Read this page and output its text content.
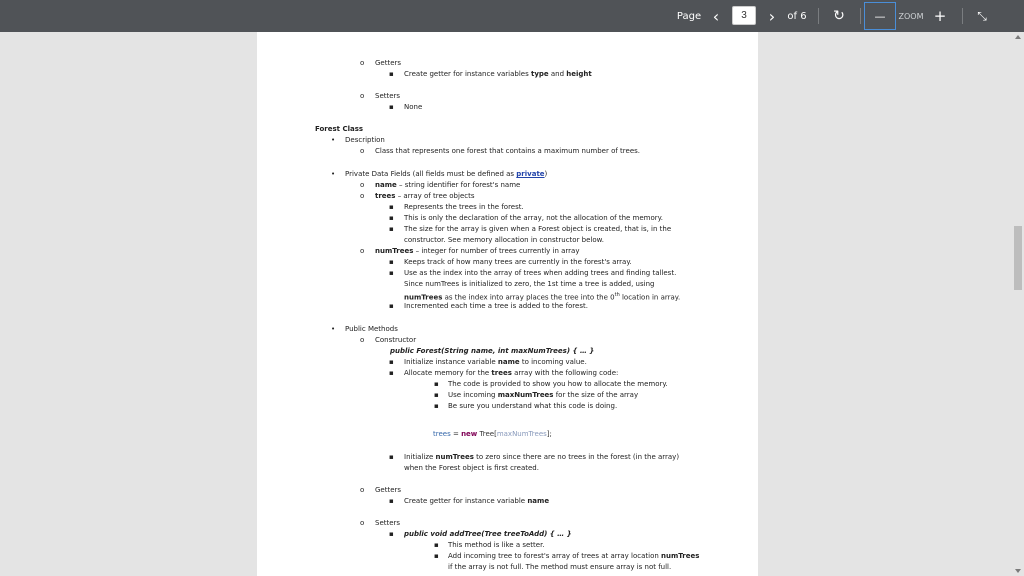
Page ‹	3	›	of 6	↻	—	ZOOM +	⤡
o Getters
▪ Create getter for instance variables type and height
o Setters
▪ None
Forest Class
• Description
o Class that represents one forest that contains a maximum number of trees.
• Private Data Fields (all fields must be defined as private)
o name – string identifier for forest's name
o trees – array of tree objects
▪ Represents the trees in the forest.
▪ This is only the declaration of the array, not the allocation of the memory.
▪ The size for the array is given when a Forest object is created, that is, in the
constructor. See memory allocation in constructor below.
o numTrees – integer for number of trees currently in array
▪ Keeps track of how many trees are currently in the forest's array.
▪ Use as the index into the array of trees when adding trees and finding tallest.
Since numTrees is initialized to zero, the 1st time a tree is added, using
numTrees as the index into array places the tree into the 0th location in array.
▪ Incremented each time a tree is added to the forest.
• Public Methods
o Constructor
public Forest(String name, int maxNumTrees) { … }
▪ Initialize instance variable name to incoming value.
▪ Allocate memory for the trees array with the following code:
▪ The code is provided to show you how to allocate the memory.
▪ Use incoming maxNumTrees for the size of the array
▪ Be sure you understand what this code is doing.
trees = new Tree[maxNumTrees];
▪ Initialize numTrees to zero since there are no trees in the forest (in the array)
when the Forest object is first created.
o Getters
▪ Create getter for instance variable name
o Setters
▪ public void addTree(Tree treeToAdd) { … }
▪ This method is like a setter.
▪ Add incoming tree to forest's array of trees at array location numTrees
if the array is not full. The method must ensure array is not full.
